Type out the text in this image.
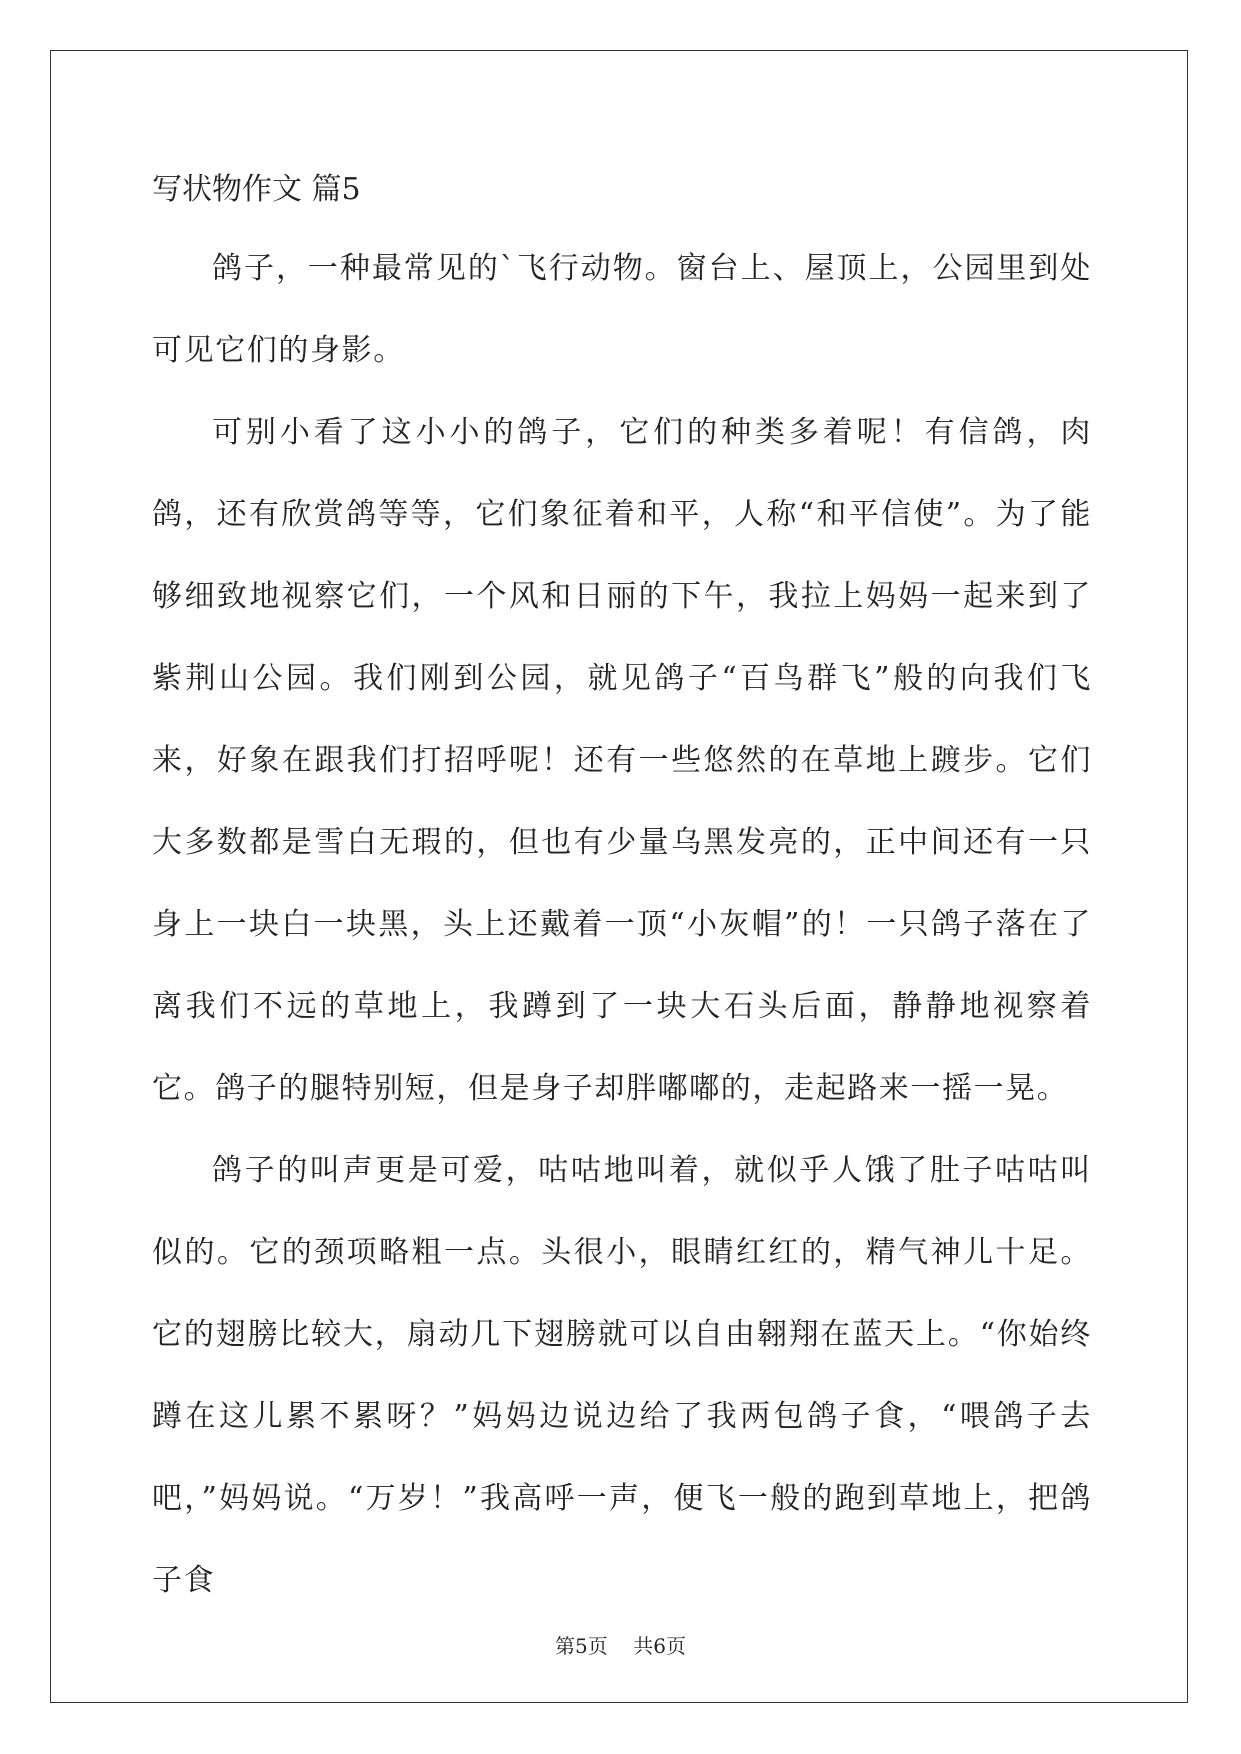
写状物作文 篇5

鸽子，一种最常见的`飞行动物。窗台上、屋顶上，公园里到处可见它们的身影。

可别小看了这小小的鸽子，它们的种类多着呢！有信鸽，肉鸽，还有欣赏鸽等等，它们象征着和平，人称“和平信使”。为了能够细致地视察它们，一个风和日丽的下午，我拉上妈妈一起来到了紫荆山公园。我们刚到公园，就见鸽子“百鸟群飞”般的向我们飞来，好象在跟我们打招呼呢！还有一些悠然的在草地上踱步。它们大多数都是雪白无瑕的，但也有少量乌黑发亮的，正中间还有一只身上一块白一块黑，头上还戴着一顶“小灰帽”的！一只鸽子落在了离我们不远的草地上，我蹲到了一块大石头后面，静静地视察着它。鸽子的腿特别短，但是身子却胖嘟嘟的，走起路来一摇一晃。

鸽子的叫声更是可爱，咕咕地叫着，就似乎人饿了肚子咕咕叫似的。它的颈项略粗一点。头很小，眼睛红红的，精气神儿十足。它的翅膀比较大，扇动几下翅膀就可以自由翱翔在蓝天上。“你始终蹲在这儿累不累呀？”妈妈边说边给了我两包鸽子食，“喂鸽子去吧，”妈妈说。“万岁！”我高呼一声，便飞一般的跑到草地上，把鸽子食

第5页 共6页
